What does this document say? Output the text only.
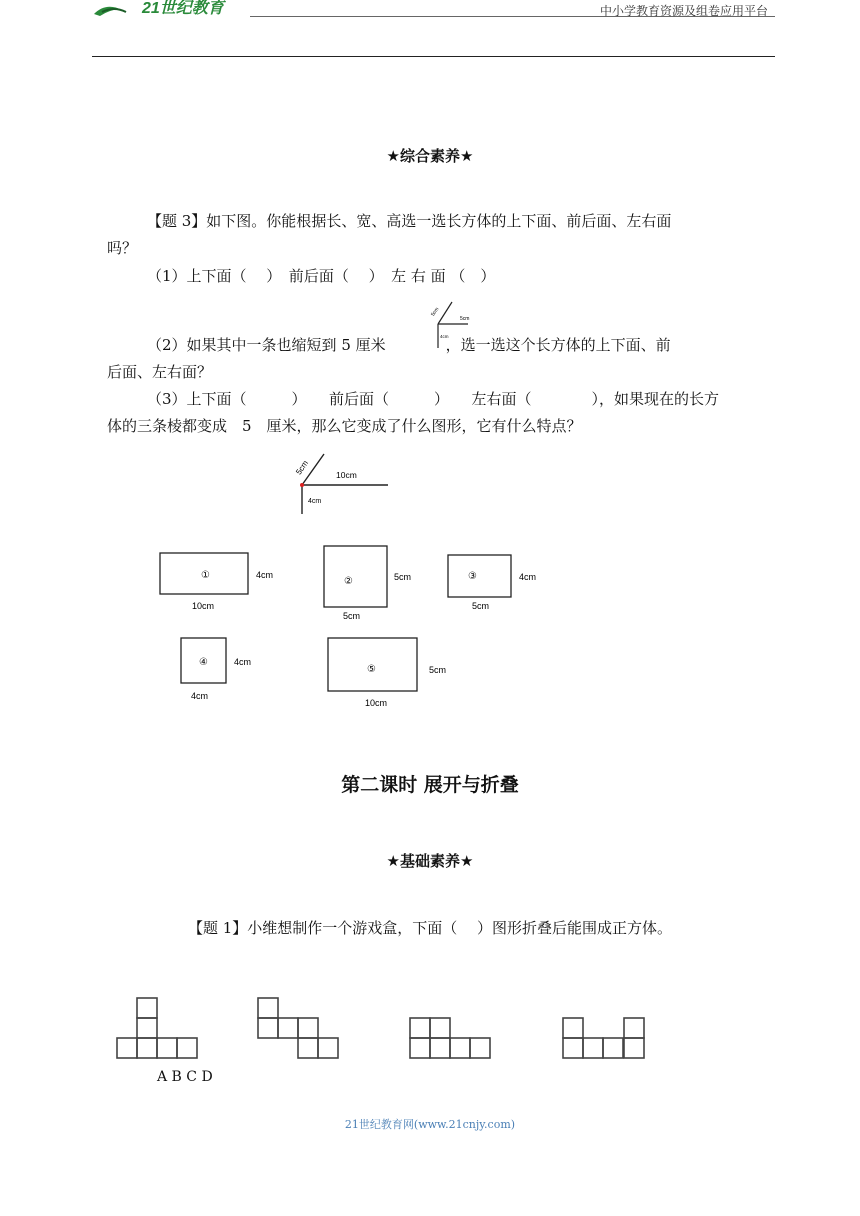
21世纪教育	中小学教育资源及组卷应用平台
★综合素养★
【题 3】如下图。你能根据长、宽、高选一选长方体的上下面、前后面、左右面
吗？
（1）上下面（　 ）　前后面（　 ）　左 右 面 （　）
5cm
5cm
4cm
（2）如果其中一条也缩短到 5 厘米	，选一选这个长方体的上下面、前
后面、左右面？
（3）上下面（　　　）　　前后面（　　　）　　左右面（　　　　），如果现在的长方
体的三条棱都变成　5　厘米，那么它变成了什么图形，它有什么特点？
5cm	10cm
4cm
①	4cm
10cm
②	5cm
5cm
③	4cm
5cm
④	4cm
4cm
⑤	5cm
10cm
第二课时 展开与折叠
★基础素养★
【题 1】小维想制作一个游戏盒，下面（　 ）图形折叠后能围成正方体。
A B C D
21世纪教育网(www.21cnjy.com)
